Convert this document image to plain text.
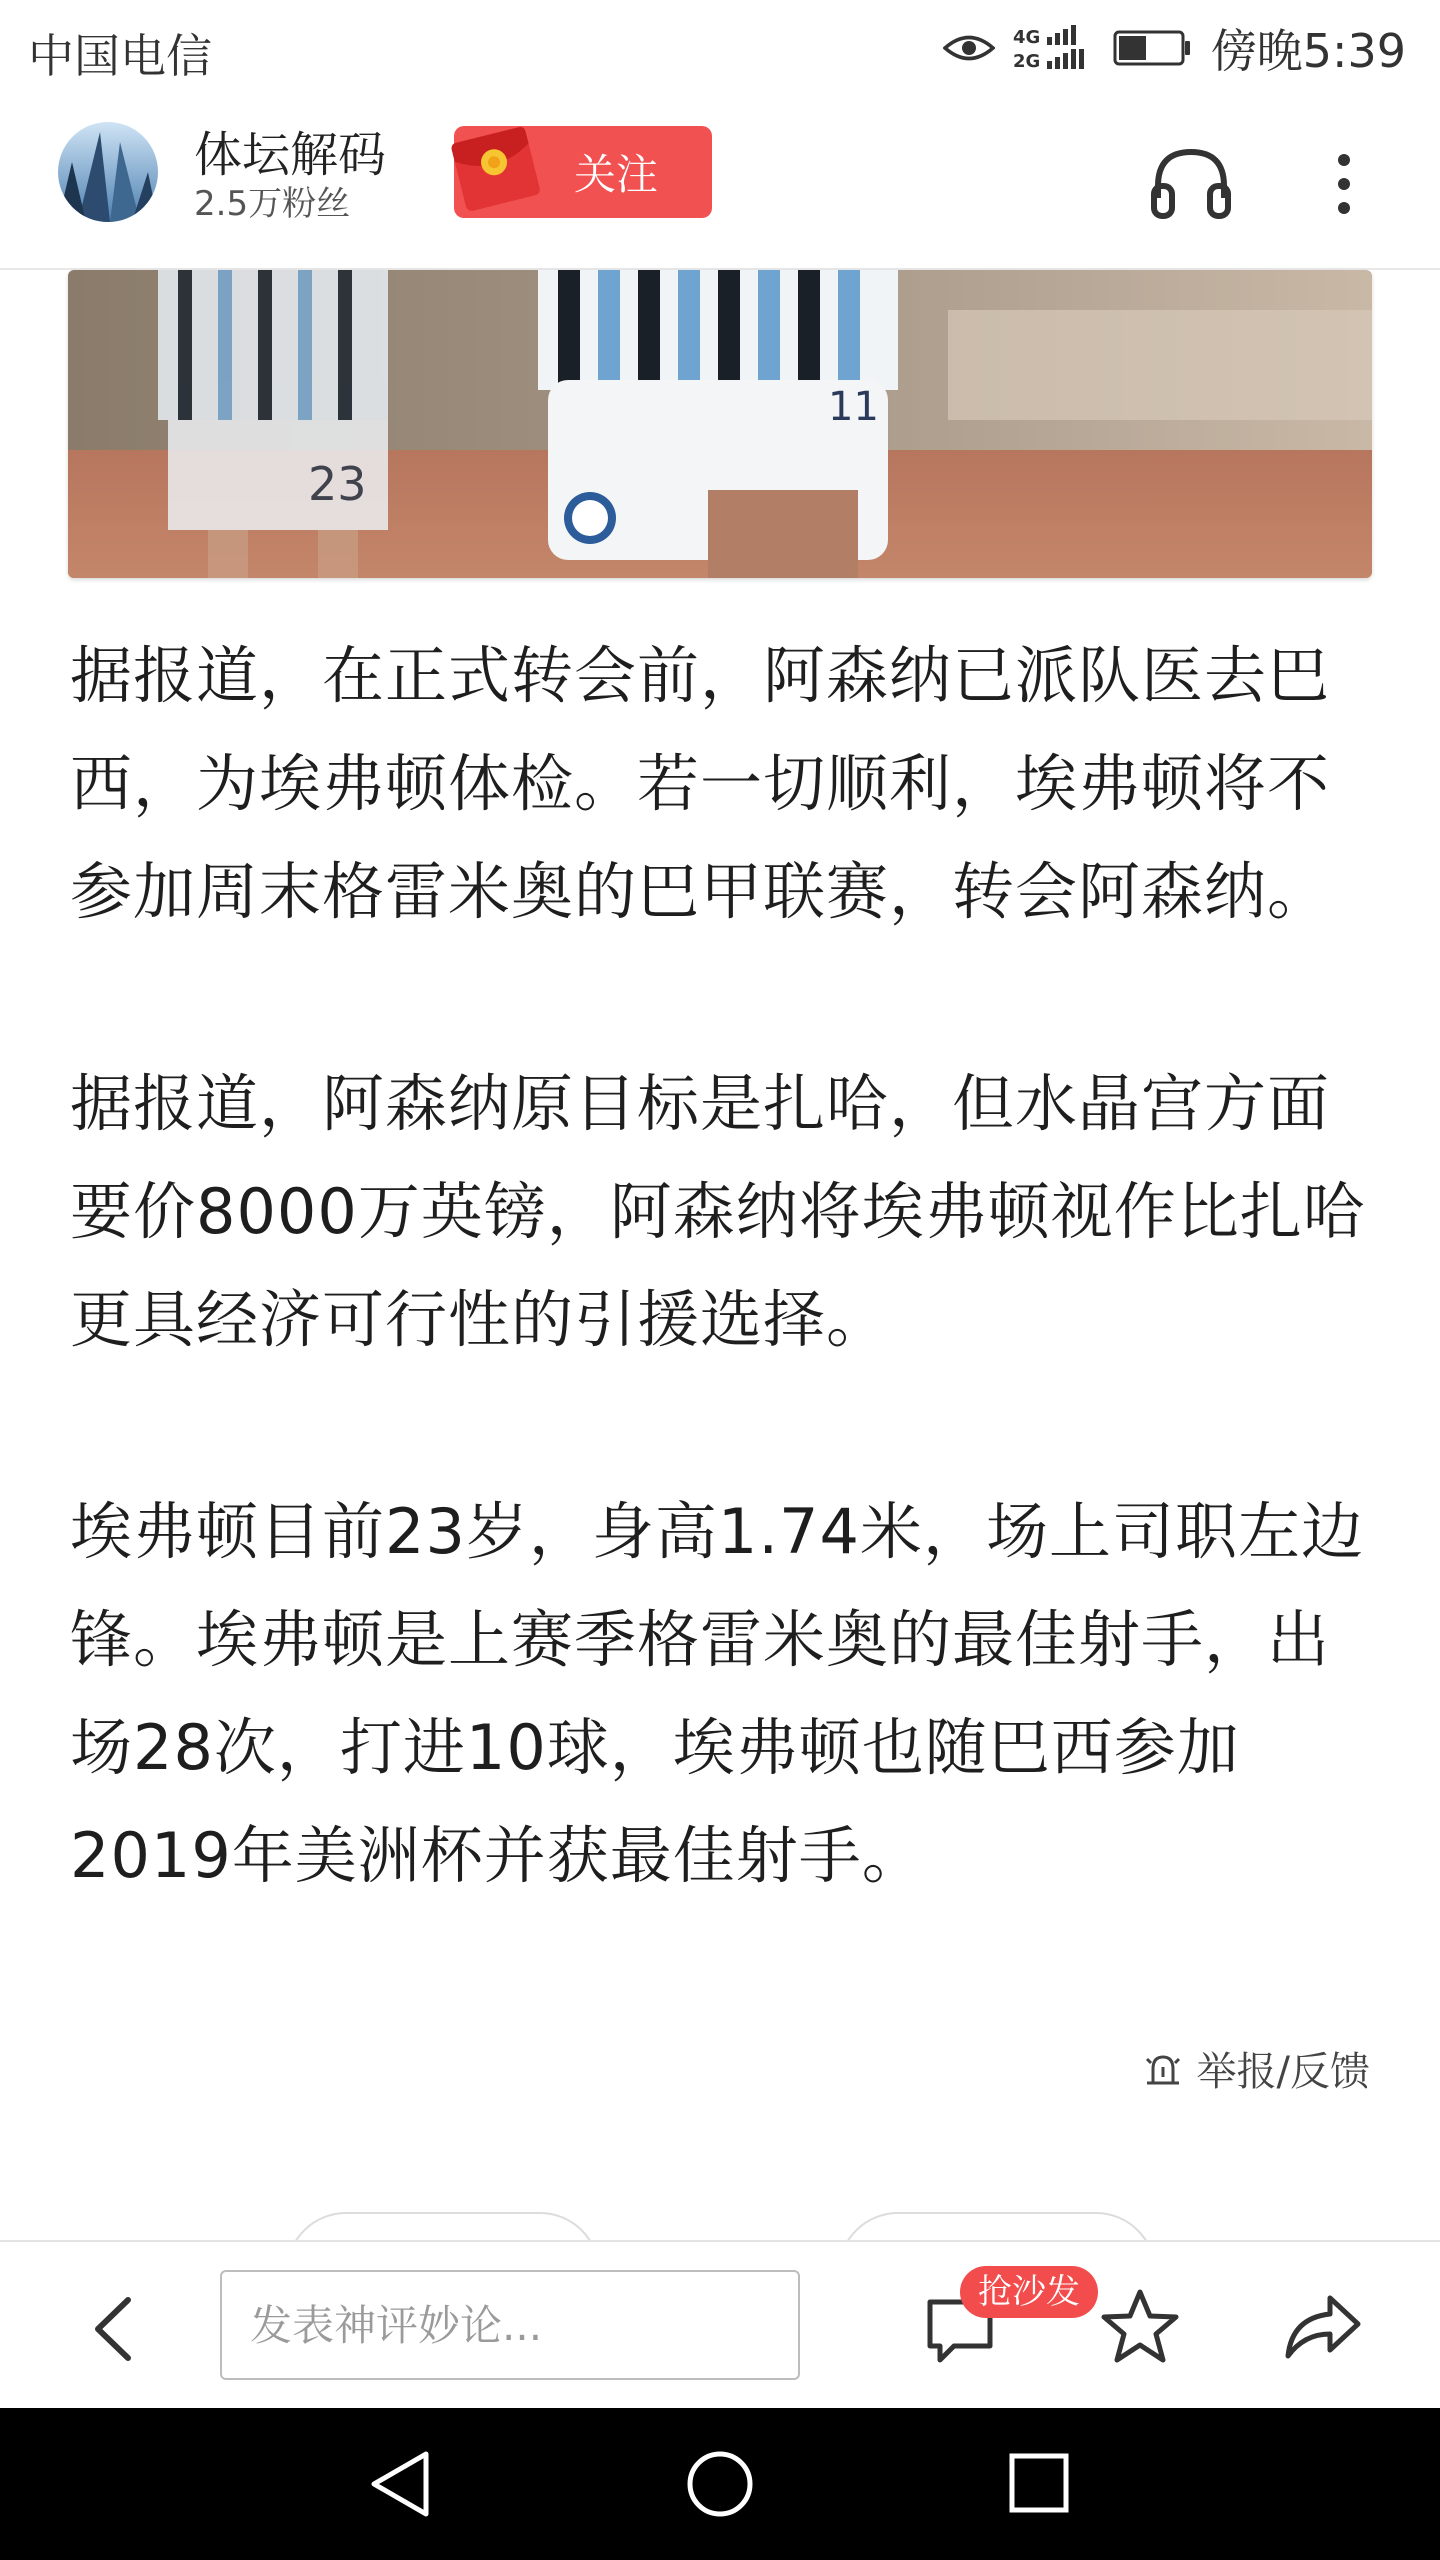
中国电信	4G
2G	傍晚5:39
体坛解码
2.5万粉丝
关注
23
11

据报道，在正式转会前，阿森纳已派队医去巴西，为埃弗顿体检。若一切顺利，埃弗顿将不参加周末格雷米奥的巴甲联赛，转会阿森纳。

据报道，阿森纳原目标是扎哈，但水晶宫方面要价8000万英镑，阿森纳将埃弗顿视作比扎哈更具经济可行性的引援选择。

埃弗顿目前23岁，身高1.74米，场上司职左边锋。埃弗顿是上赛季格雷米奥的最佳射手，出场28次，打进10球，埃弗顿也随巴西参加2019年美洲杯并获最佳射手。

举报/反馈
发表神评妙论...
抢沙发
